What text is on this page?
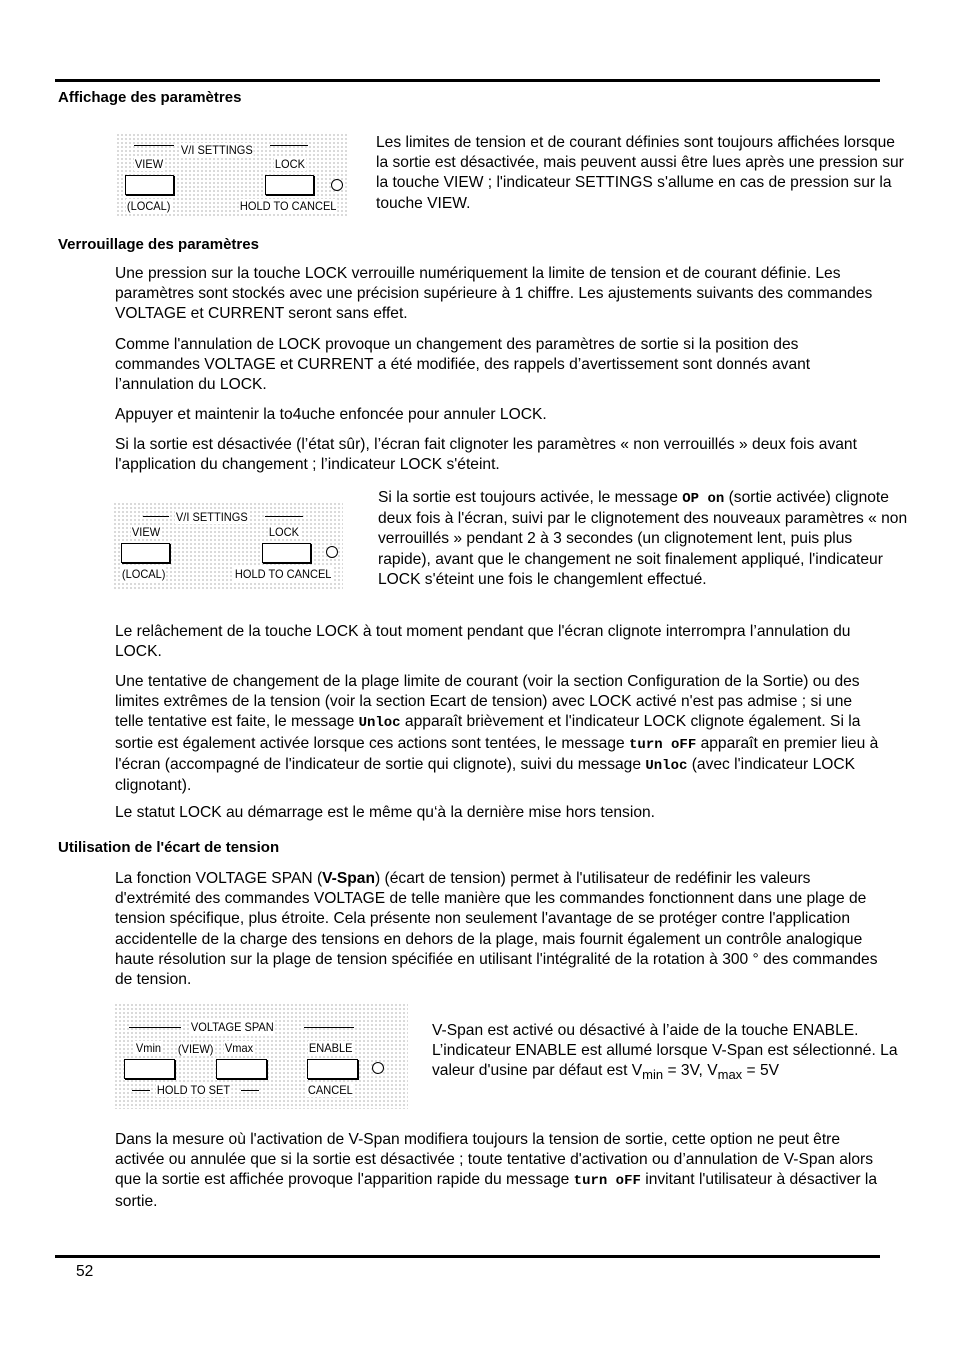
Affichage des paramètres
V/I SETTINGS
VIEW	LOCK
(LOCAL)	HOLD TO CANCEL

Les limites de tension et de courant définies sont toujours affichées lorsque la sortie est désactivée, mais peuvent aussi être lues après une pression sur la touche VIEW ; l'indicateur SETTINGS s'allume en cas de pression sur la touche VIEW.

Verrouillage des paramètres

Une pression sur la touche LOCK verrouille numériquement la limite de tension et de courant définie. Les paramètres sont stockés avec une précision supérieure à 1 chiffre. Les ajustements suivants des commandes VOLTAGE et CURRENT seront sans effet.

Comme l'annulation de LOCK provoque un changement des paramètres de sortie si la position des commandes VOLTAGE et CURRENT a été modifiée, des rappels d’avertissement sont donnés avant l’annulation du LOCK.

Appuyer et maintenir la to4uche enfoncée pour annuler LOCK.

Si la sortie est désactivée (l’état sûr), l’écran fait clignoter les paramètres « non verrouillés » deux fois avant l'application du changement ; l’indicateur LOCK s'éteint.

V/I SETTINGS
VIEW	LOCK
(LOCAL)	HOLD TO CANCEL

Si la sortie est toujours activée, le message OP on (sortie activée) clignote deux fois à l'écran, suivi par le clignotement des nouveaux paramètres « non verrouillés » pendant 2 à 3 secondes (un clignotement lent, puis plus rapide), avant que le changement ne soit finalement appliqué, l'indicateur LOCK s'éteint une fois le changemlent effectué.

Le relâchement de la touche LOCK à tout moment pendant que l'écran clignote interrompra l’annulation du LOCK.

Une tentative de changement de la plage limite de courant (voir la section Configuration de la Sortie) ou des limites extrêmes de la tension (voir la section Ecart de tension) avec LOCK activé n'est pas admise ; si une telle tentative est faite, le message Unloc apparaît brièvement et l'indicateur LOCK clignote également. Si la sortie est également activée lorsque ces actions sont tentées, le message turn oFF apparaît en premier lieu à l'écran (accompagné de l'indicateur de sortie qui clignote), suivi du message Unloc (avec l'indicateur LOCK clignotant).

Le statut LOCK au démarrage est le même qu‘à la dernière mise hors tension.

Utilisation de l'écart de tension

La fonction VOLTAGE SPAN (V-Span) (écart de tension) permet à l'utilisateur de redéfinir les valeurs d'extrémité des commandes VOLTAGE de telle manière que les commandes fonctionnent dans une plage de tension spécifique, plus étroite. Cela présente non seulement l'avantage de se protéger contre l'application accidentelle de la charge des tensions en dehors de la plage, mais fournit également un contrôle analogique haute résolution sur la plage de tension spécifiée en utilisant l'intégralité de la rotation à 300 ° des commandes de tension.

VOLTAGE SPAN
Vmin (VIEW) Vmax	ENABLE
HOLD TO SET	CANCEL

V-Span est activé ou désactivé à l’aide de la touche ENABLE. L’indicateur ENABLE est allumé lorsque V-Span est sélectionné. La valeur d'usine par défaut est $V_{min} = 3V$, $V_{max} = 5V$

Dans la mesure où l'activation de V-Span modifiera toujours la tension de sortie, cette option ne peut être activée ou annulée que si la sortie est désactivée ; toute tentative d'activation ou d’annulation de V-Span alors que la sortie est affichée provoque l'apparition rapide du message turn oFF invitant l'utilisateur à désactiver la sortie.

52
